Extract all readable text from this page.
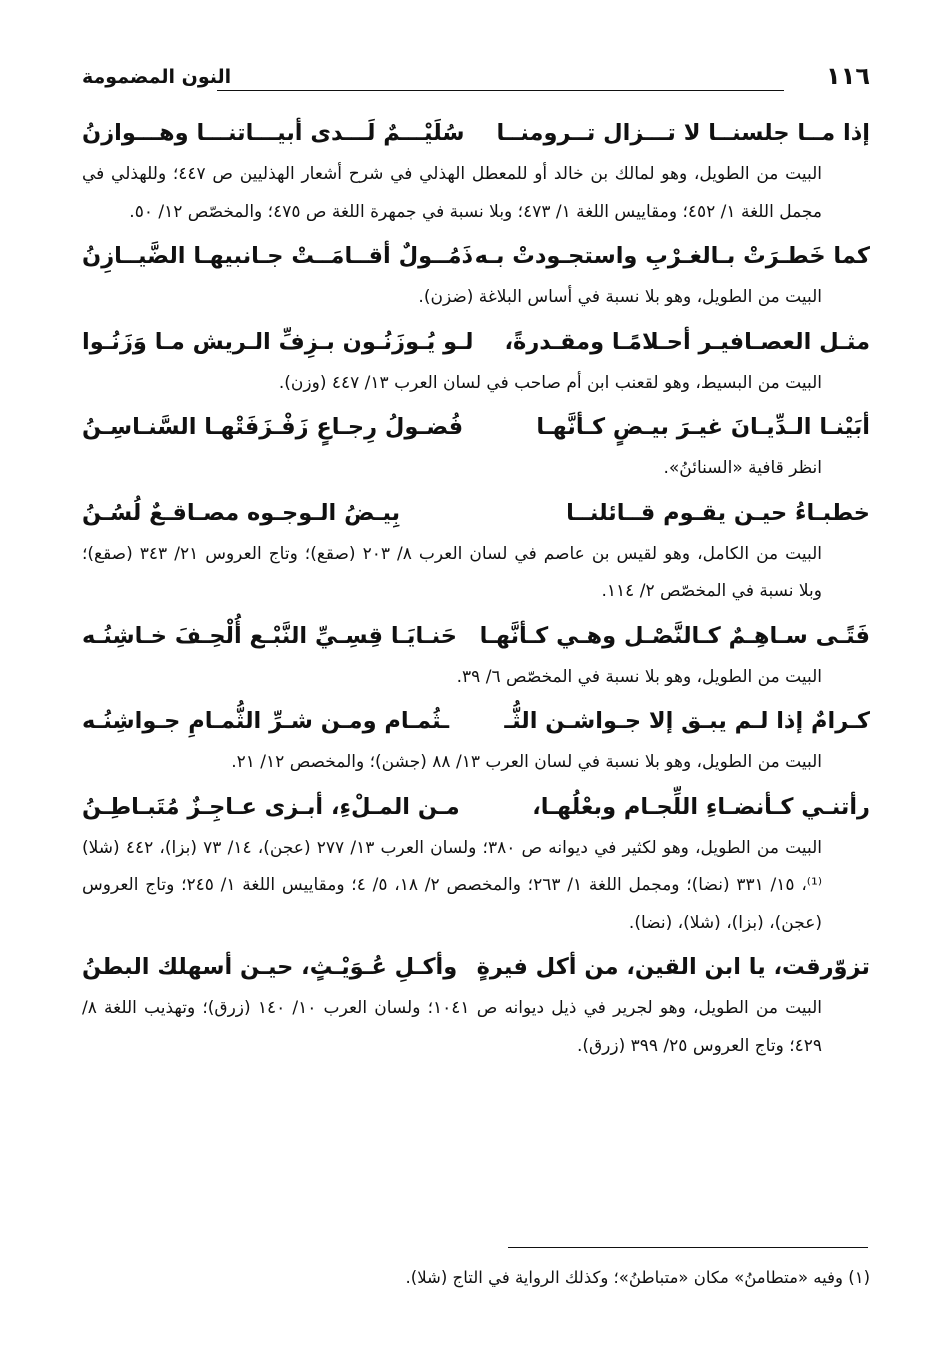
١١٦
النون المضمومة
إذا مــا جلسنــا لا تـــزال تــرومنــا
سُلَيْـــمٌ لَـــدى أبيـــاتنـــا وهـــوازنُ

البيت من الطويل، وهو لمالك بن خالد أو للمعطل الهذلي في شرح أشعار الهذليين ص ٤٤٧؛ وللهذلي في مجمل اللغة ١/ ٤٥٢؛ ومقاييس اللغة ١/ ٤٧٣؛ وبلا نسبة في جمهرة اللغة ص ٤٧٥؛ والمخصّص ١٢/ ٥٠.

كما خَطـرَتْ بـالغـرْبِ واستجـودتْ بـه
ذَمُــولٌ أقــامَــتْ جـانبيهـا الضَّيــازِنُ

البيت من الطويل، وهو بلا نسبة في أساس البلاغة (ضزن).

مثـل العصـافيـر أحـلامًـا ومقـدرةً،
لـو يُـوزَنُـون بـزِفِّ الـريش مـا وَزَنُـوا

البيت من البسيط، وهو لقعنب ابن أم صاحب في لسان العرب ١٣/ ٤٤٧ (وزن).

أبَيْنـا الـدِّيـانَ غيـرَ بيـضٍ كـأنَّهـا
فُضـولُ رِجـاعٍ زَفْـزَفَتْهـا السَّنـاسِـنُ

انظر قافية «السنائنُ».

خطبـاءُ حيـن يقـوم قــائلنــا
بِيـضُ الـوجـوه مصـاقـعٌ لُسُـنُ

البيت من الكامل، وهو لقيس بن عاصم في لسان العرب ٨/ ٢٠٣ (صقع)؛ وتاج العروس ٢١/ ٣٤٣ (صقع)؛ وبلا نسبة في المخصّص ٢/ ١١٤.

فَتًـى سـاهِـمٌ كـالنَّصْـل وهـي كـأنَّهـا
حَنـايَـا قِسِـيِّ النَّبْـع أُلْحِـفَ خـاشِنُـه

البيت من الطويل، وهو بلا نسبة في المخصّص ٦/ ٣٩.

كـرامٌ إذا لـم يبـق إلا جـواشـن الثُّـ
ـثُمـام ومـن شـرِّ الثُّمـامِ جـواشِنُـه

البيت من الطويل، وهو بلا نسبة في لسان العرب ١٣/ ٨٨ (جشن)؛ والمخصص ١٢/ ٢١.

رأتنـي كـأنضـاءِ اللِّجـام وبعْلُهـا،
مـن المـلْءِ، أبـزى عـاجِـزٌ مُتَبـاطِـنُ

البيت من الطويل، وهو لكثير في ديوانه ص ٣٨٠؛ ولسان العرب ١٣/ ٢٧٧ (عجن)، ١٤/ ٧٣ (بزا)، ٤٤٢ (شلا)⁽¹⁾، ١٥/ ٣٣١ (نضا)؛ ومجمل اللغة ١/ ٢٦٣؛ والمخصص ٢/ ١٨، ٥/ ٤؛ ومقاييس اللغة ١/ ٢٤٥؛ وتاج العروس (عجن)، (بزا)، (شلا)، (نضا).

تزوّرقت، يا ابن القين، من أكل فيرةٍ
وأكـلِ عُـوَيْـثٍ، حيـن أسهلك البطنُ

البيت من الطويل، وهو لجرير في ذيل ديوانه ص ١٠٤١؛ ولسان العرب ١٠/ ١٤٠ (زرق)؛ وتهذيب اللغة ٨/ ٤٢٩؛ وتاج العروس ٢٥/ ٣٩٩ (زرق).

(١) وفيه «متطامنُ» مكان «متباطنُ»؛ وكذلك الرواية في التاج (شلا).
